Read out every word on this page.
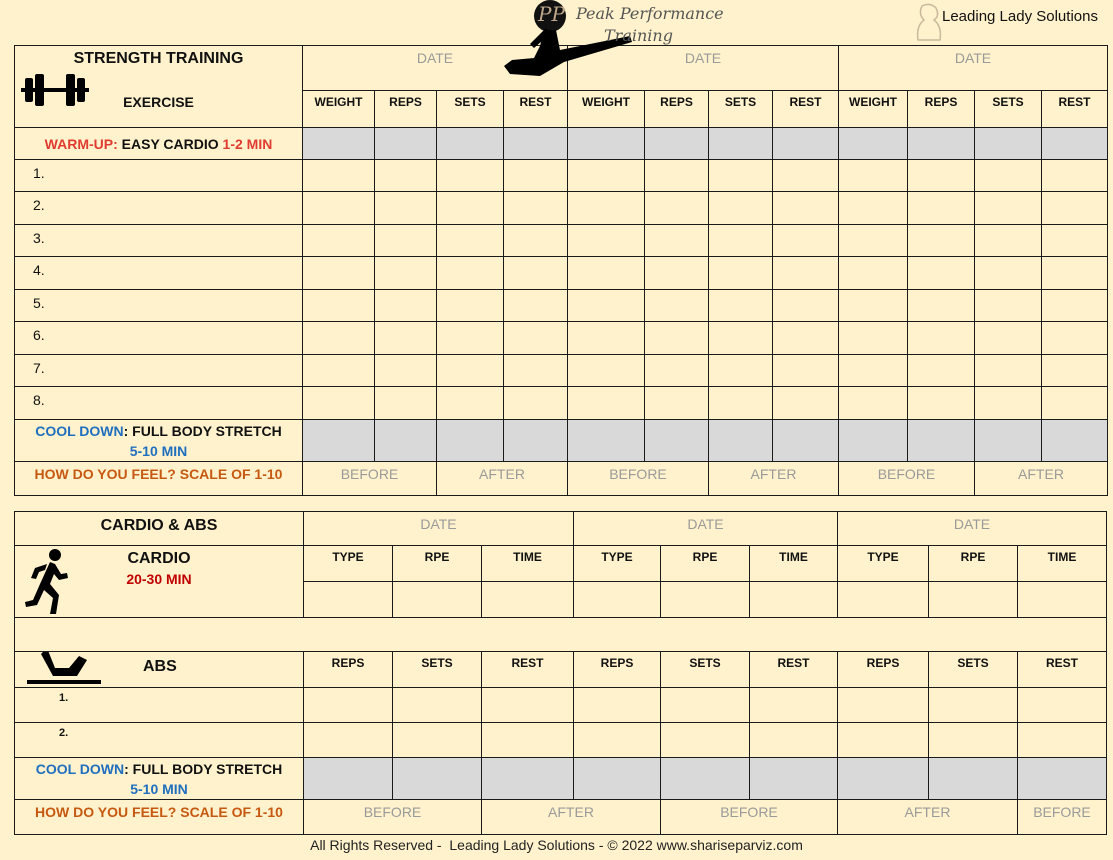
STRENGTH TRAINING
EXERCISE	DATE				DATE				DATE			
	WEIGHT	REPS	SETS	REST	WEIGHT	REPS	SETS	REST	WEIGHT	REPS	SETS	REST
WARM-UP: EASY CARDIO 1-2 MIN												
1.												
2.												
3.												
4.												
5.												
6.												
7.												
8.												
COOL DOWN: FULL BODY STRETCH
5-10 MIN												
HOW DO YOU FEEL? SCALE OF 1-10	BEFORE		AFTER		BEFORE		AFTER		BEFORE		AFTER	
CARDIO & ABS	DATE			DATE			DATE		

CARDIO
20-30 MIN	TYPE	RPE	TIME	TYPE	RPE	TIME	TYPE	RPE	TIME

ABS	REPS	SETS	REST	REPS	SETS	REST	REPS	SETS	REST
1.									
2.									
COOL DOWN: FULL BODY STRETCH
5-10 MIN									
HOW DO YOU FEEL? SCALE OF 1-10	BEFORE		AFTER		BEFORE		AFTER		BEFORE
PP Peak Performance
Training
Leading Lady Solutions
All Rights Reserved -  Leading Lady Solutions - © 2022 www.shariseparviz.com
